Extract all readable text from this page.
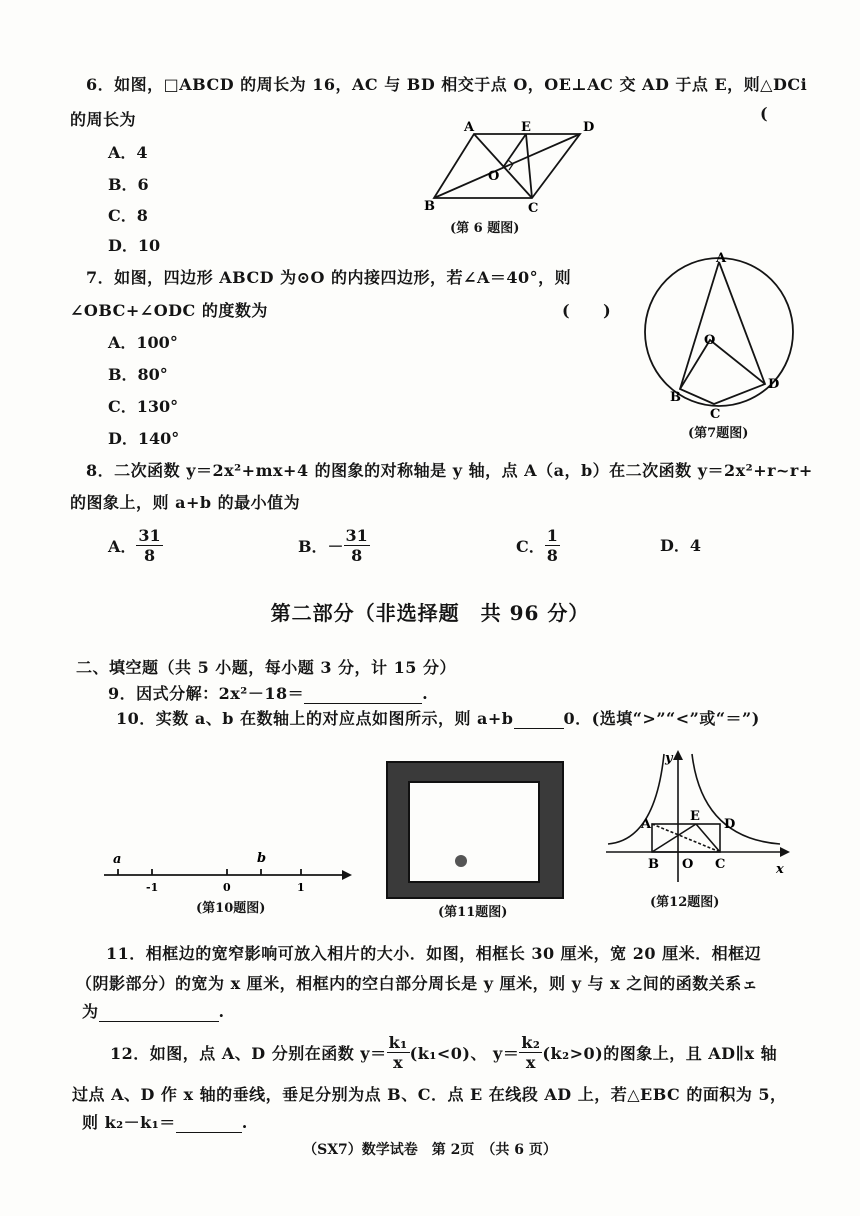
6．如图，□ABCD 的周长为 16，AC 与 BD 相交于点 O，OE⊥AC 交 AD 于点 E，则△DCi
的周长为	(
A．4
B．6
C．8
D．10
A	E	D
O
B	C
(第 6 题图)
7．如图，四边形 ABCD 为⊙O 的内接四边形，若∠A＝40°，则
∠OBC+∠ODC 的度数为	(　　)
A．100°
B．80°
C．130°
D．140°
A
O
B
C
D
(第7题图)
8．二次函数 y＝2x²+mx+4 的图象的对称轴是 y 轴，点 A（a，b）在二次函数 y＝2x²+r~r+
的图象上，则 a+b 的最小值为
A． $\frac{31}{8}$	B．－ $\frac{31}{8}$	C． $\frac{1}{8}$	D．4
第二部分（非选择题　共 96 分）
二、填空题（共 5 小题，每小题 3 分，计 15 分）
9．因式分解：2x²－18＝	.
10．实数 a、b 在数轴上的对应点如图所示，则 a+b	0．(选填“>”“<”或“＝”)
a	b
-1	0	1
(第10题图)	(第11题图)
y
A
E
D
B O C	x
(第12题图)
11．相框边的宽窄影响可放入相片的大小．如图，相框长 30 厘米，宽 20 厘米．相框辺
（阴影部分）的宽为 x 厘米，相框内的空白部分周长是 y 厘米，则 y 与 x 之间的函数关系ェ
为	.
12．如图，点 A、D 分别在函数 $y= \frac{\text{k₁}}{x} (k_1<0)$、 $y= \frac{\text{k₂}}{x} (k_2>0)$的图象上，且 AD∥x 轴
过点 A、D 作 x 轴的垂线，垂足分别为点 B、C．点 E 在线段 AD 上，若△EBC 的面积为 5，
则 k₂－k₁＝	.
（SX7）数学试卷　第 2页　（共 6 页）
